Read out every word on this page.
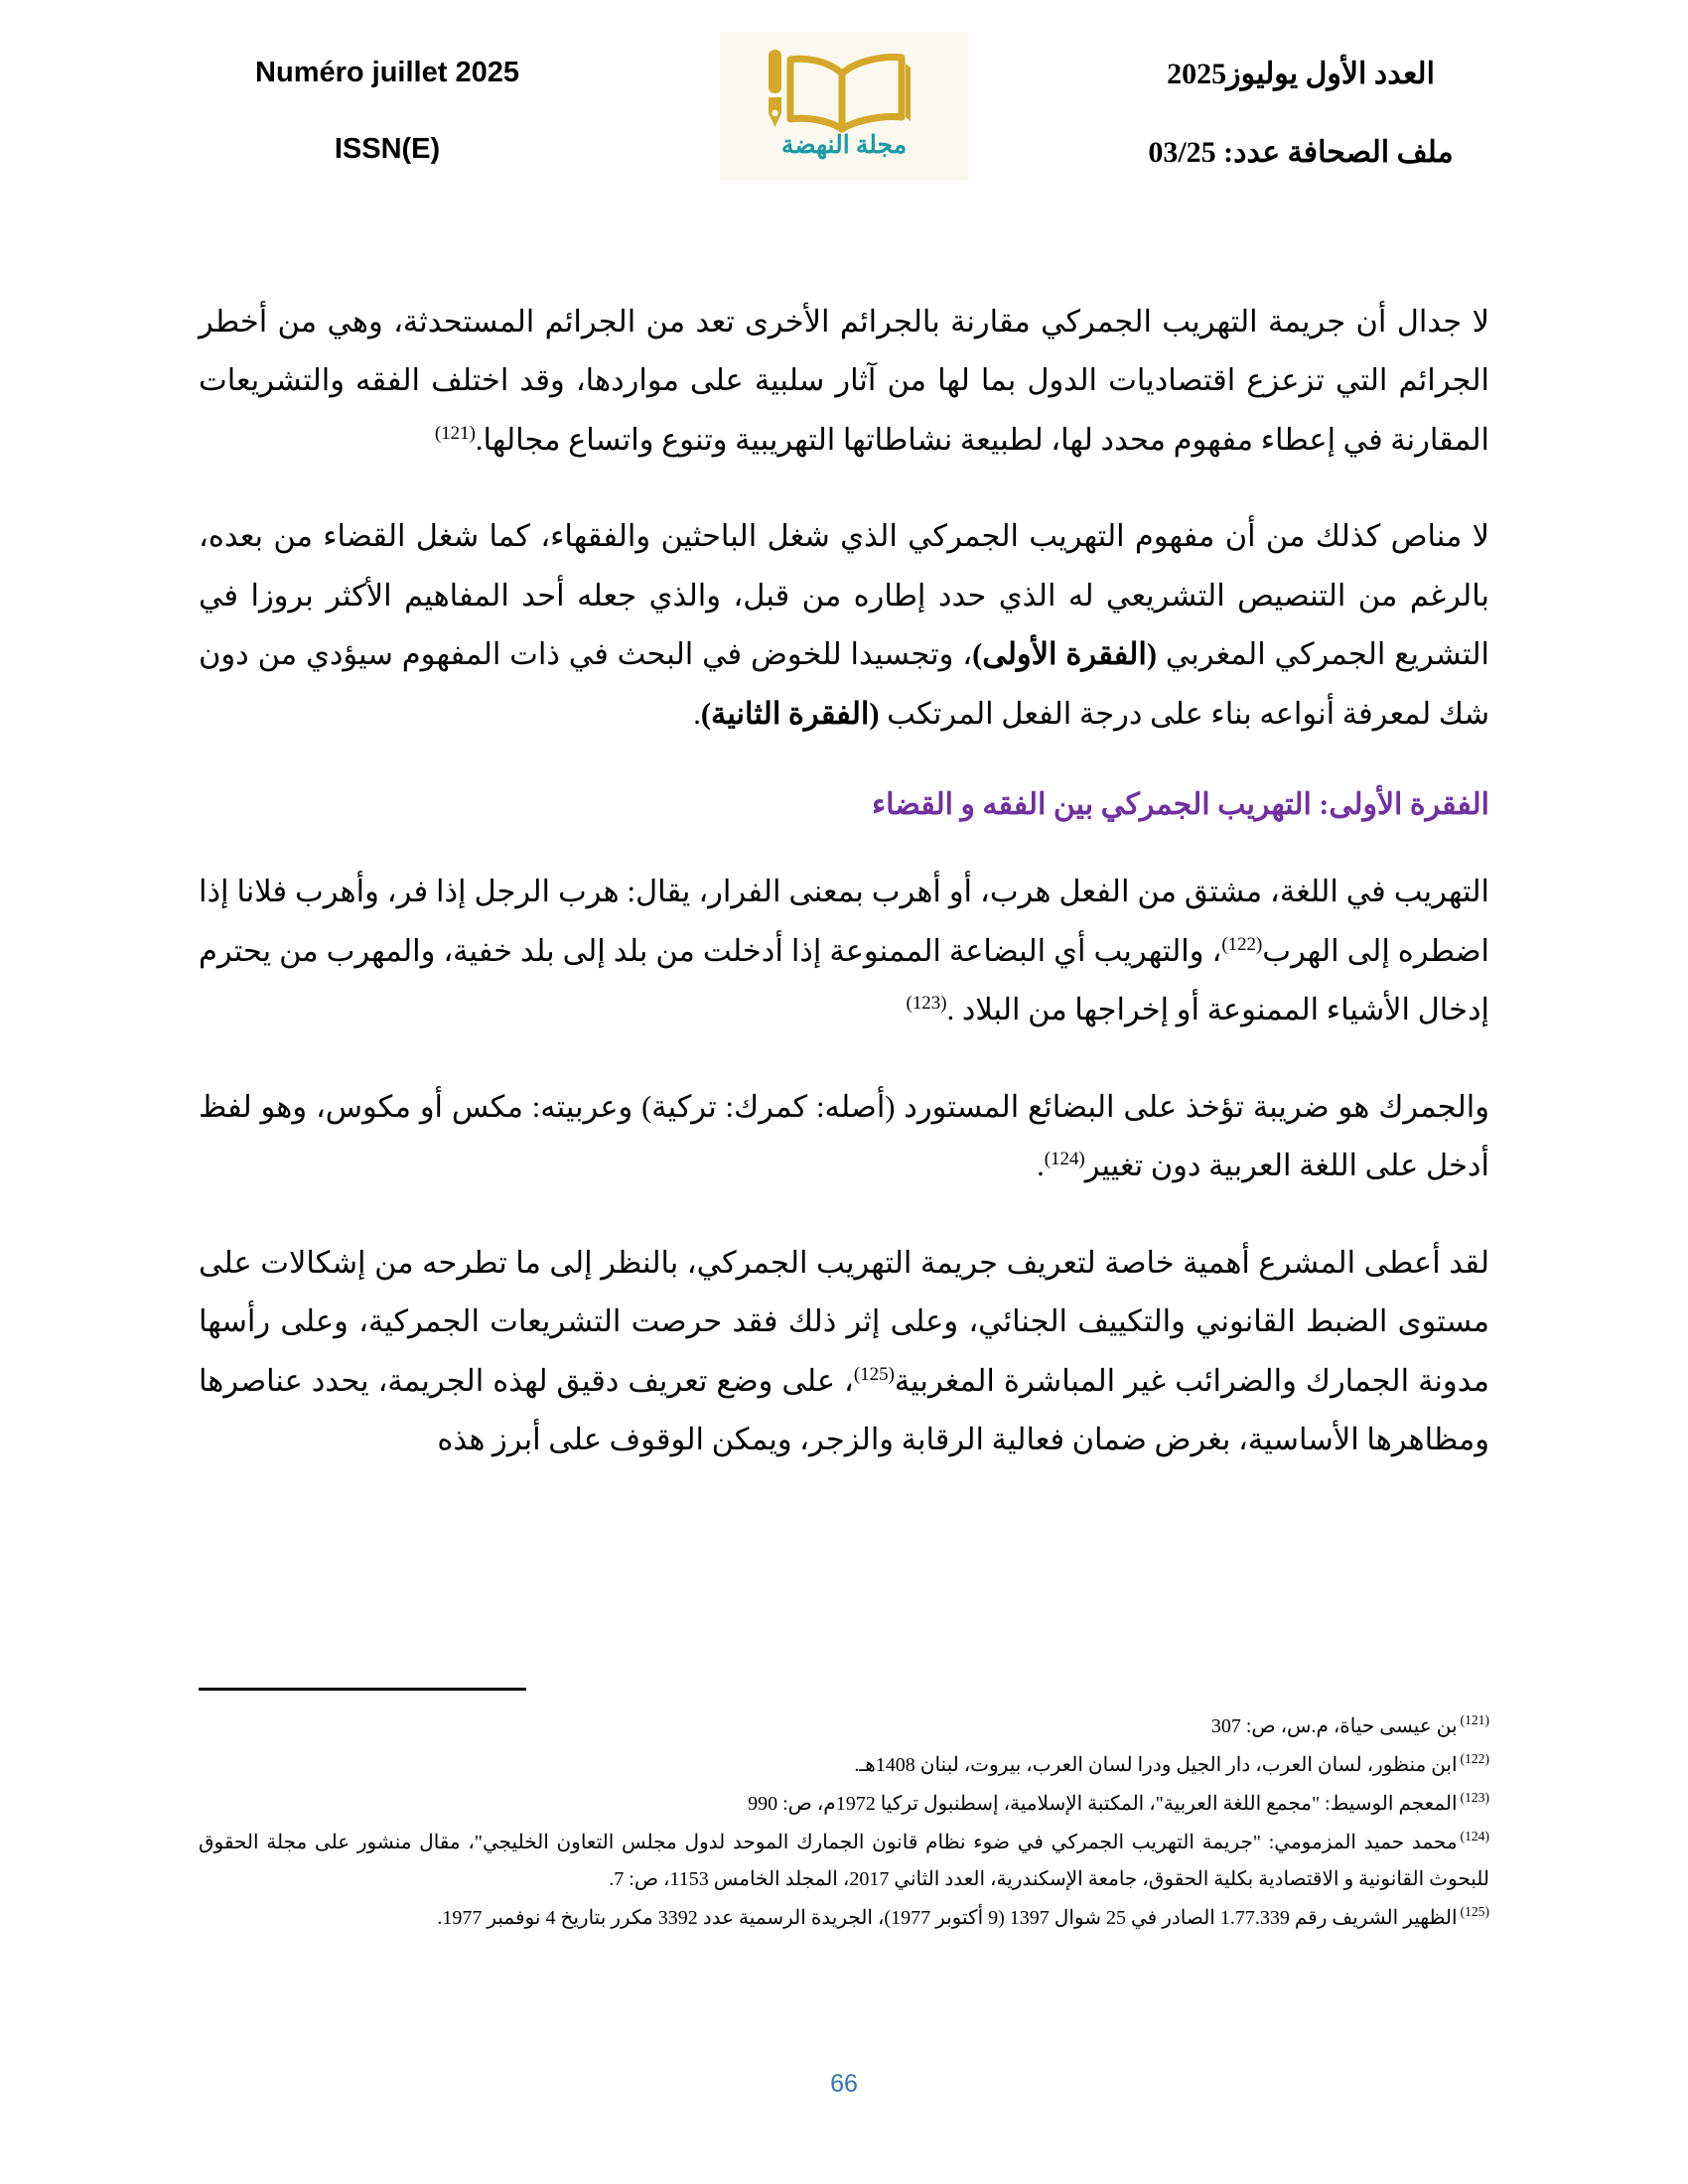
العدد الأول يوليوز2025
ملف الصحافة عدد: 03/25
مجلة النهضة
Numéro juillet 2025
ISSN(E)

لا جدال أن جريمة التهريب الجمركي مقارنة بالجرائم الأخرى تعد من الجرائم المستحدثة، وهي من أخطر الجرائم التي تزعزع اقتصاديات الدول بما لها من آثار سلبية على مواردها، وقد اختلف الفقه والتشريعات المقارنة في إعطاء مفهوم محدد لها، لطبيعة نشاطاتها التهريبية وتنوع واتساع مجالها.$^{(121)}$

لا مناص كذلك من أن مفهوم التهريب الجمركي الذي شغل الباحثين والفقهاء، كما شغل القضاء من بعده، بالرغم من التنصيص التشريعي له الذي حدد إطاره من قبل، والذي جعله أحد المفاهيم الأكثر بروزا في التشريع الجمركي المغربي (الفقرة الأولى)، وتجسيدا للخوض في البحث في ذات المفهوم سيؤدي من دون شك لمعرفة أنواعه بناء على درجة الفعل المرتكب (الفقرة الثانية).

الفقرة الأولى: التهريب الجمركي بين الفقه و القضاء

التهريب في اللغة، مشتق من الفعل هرب، أو أهرب بمعنى الفرار، يقال: هرب الرجل إذا فر، وأهرب فلانا إذا اضطره إلى الهرب$^{(122)}$، والتهريب أي البضاعة الممنوعة إذا أدخلت من بلد إلى بلد خفية، والمهرب من يحترم إدخال الأشياء الممنوعة أو إخراجها من البلاد .$^{(123)}$

والجمرك هو ضريبة تؤخذ على البضائع المستورد (أصله: كمرك: تركية) وعربيته: مكس أو مكوس، وهو لفظ أدخل على اللغة العربية دون تغيير$^{(124)}$.

لقد أعطى المشرع أهمية خاصة لتعريف جريمة التهريب الجمركي، بالنظر إلى ما تطرحه من إشكالات على مستوى الضبط القانوني والتكييف الجنائي، وعلى إثر ذلك فقد حرصت التشريعات الجمركية، وعلى رأسها مدونة الجمارك والضرائب غير المباشرة المغربية$^{(125)}$، على وضع تعريف دقيق لهذه الجريمة، يحدد عناصرها ومظاهرها الأساسية، بغرض ضمان فعالية الرقابة والزجر، ويمكن الوقوف على أبرز هذه

$^{(121)}$بن عيسى حياة، م.س، ص: 307
$^{(122)}$ابن منظور، لسان العرب، دار الجيل ودرا لسان العرب، بيروت، لبنان 1408هـ.
$^{(123)}$المعجم الوسيط: "مجمع اللغة العربية"، المكتبة الإسلامية، إسطنبول تركيا 1972م، ص: 990
$^{(124)}$محمد حميد المزمومي: "جريمة التهريب الجمركي في ضوء نظام قانون الجمارك الموحد لدول مجلس التعاون الخليجي"، مقال منشور على مجلة الحقوق للبحوث القانونية و الاقتصادية بكلية الحقوق، جامعة الإسكندرية، العدد الثاني 2017، المجلد الخامس 1153، ص: 7.
$^{(125)}$الظهير الشريف رقم 1.77.339 الصادر في 25 شوال 1397 (9 أكتوبر 1977)، الجريدة الرسمية عدد 3392 مكرر بتاريخ 4 نوفمبر 1977.
66
